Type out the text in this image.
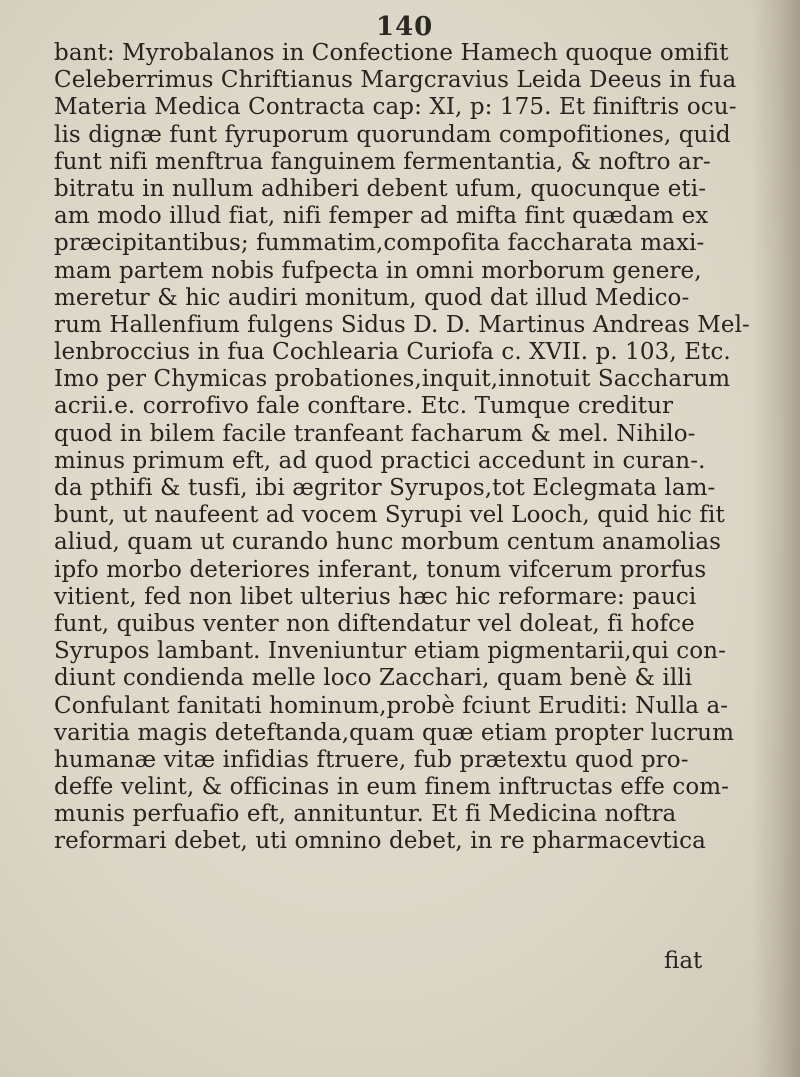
140
bant: Myrobalanos in Confectione Hamech quoque omifit
Celeberrimus Chriftianus Margcravius Leida Deeus in fua
Materia Medica Contracta cap: XI, p: 175. Et finiftris ocu-
lis dignæ funt fyruporum quorundam compofitiones, quid
funt nifi menftrua fanguinem fermentantia, & noftro ar-
bitratu in nullum adhiberi debent ufum, quocunque eti-
am modo illud fiat, nifi femper ad mifta fint quædam ex
præcipitantibus; fummatim,compofita faccharata maxi-
mam partem nobis fufpecta in omni morborum genere,
meretur & hic audiri monitum, quod dat illud Medico-
rum Hallenfium fulgens Sidus D. D. Martinus Andreas Mel-
lenbroccius in fua Cochlearia Curiofa c. XVII. p. 103, Etc.
Imo per Chymicas probationes,inquit,innotuit Saccharum
acrii.e. corrofivo fale conftare. Etc. Tumque creditur
quod in bilem facile tranfeant facharum & mel. Nihilo-
minus primum eft, ad quod practici accedunt in curan-.
da pthifi & tusfi, ibi ægritor Syrupos,tot Eclegmata lam-
bunt, ut naufeent ad vocem Syrupi vel Looch, quid hic fit
aliud, quam ut curando hunc morbum centum anamolias
ipfo morbo deteriores inferant, tonum vifcerum prorfus
vitient, fed non libet ulterius hæc hic reformare: pauci
funt, quibus venter non diftendatur vel doleat, fi hofce
Syrupos lambant. Inveniuntur etiam pigmentarii,qui con-
diunt condienda melle loco Zacchari, quam benè & illi
Confulant fanitati hominum,probè fciunt Eruditi: Nulla a-
varitia magis deteftanda,quam quæ etiam propter lucrum
humanæ vitæ infidias ftruere, fub prætextu quod pro-
deffe velint, & officinas in eum finem inftructas effe com-
munis perfuafio eft, annituntur. Et fi Medicina noftra
reformari debet, uti omnino debet, in re pharmacevtica
fiat
